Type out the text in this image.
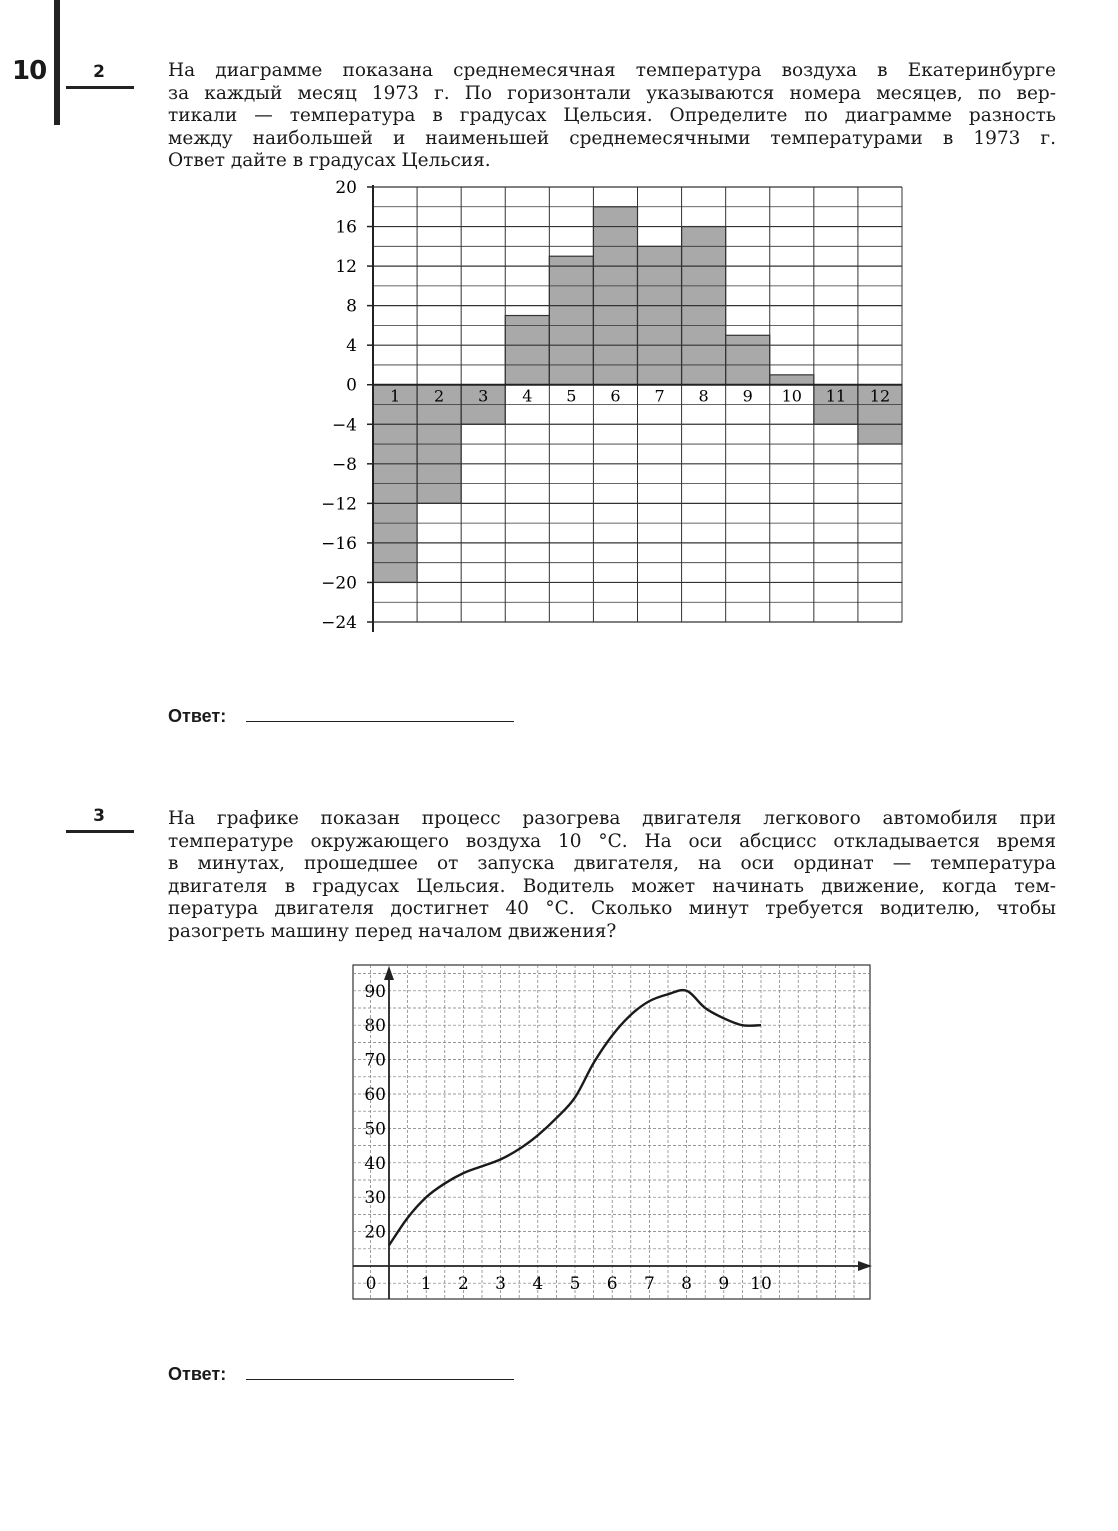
10	2	На диаграмме показана среднемесячная температура воздуха в Екатеринбурге
за каждый месяц 1973 г. По горизонтали указываются номера месяцев, по вер-
тикали — температура в градусах Цельсия. Определите по диаграмме разность
между наибольшей и наименьшей среднемесячными температурами в 1973 г.
Ответ дайте в градусах Цельсия.
20
16
12
8
4
0
−4
−8
−12
−16
−20
−24
1 2 3 4 5 6 7 8 9 10 11 12
0	1 2 3 4 5 6 7 8 9 10
20
30
40
50
60
70
80
90
Ответ:
3	На графике показан процесс разогрева двигателя легкового автомобиля при
температуре окружающего воздуха 10 °С. На оси абсцисс откладывается время
в минутах, прошедшее от запуска двигателя, на оси ординат — температура
двигателя в градусах Цельсия. Водитель может начинать движение, когда тем-
пература двигателя достигнет 40 °С. Сколько минут требуется водителю, чтобы
разогреть машину перед началом движения?
Ответ:
